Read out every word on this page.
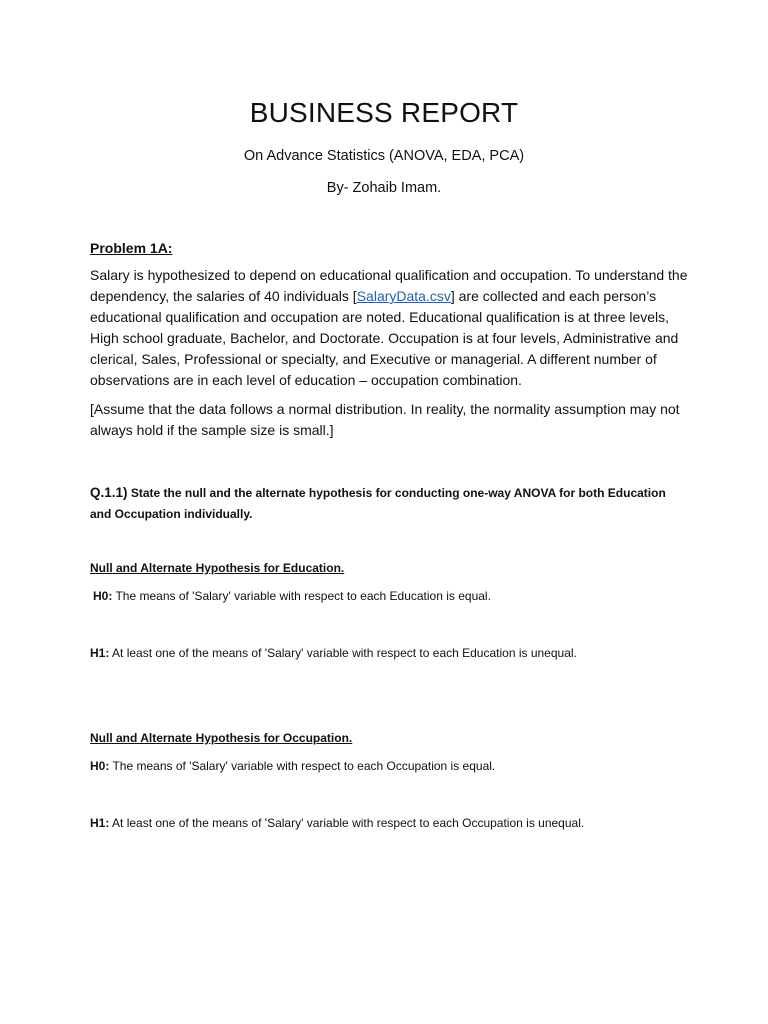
BUSINESS REPORT
On Advance Statistics (ANOVA, EDA, PCA)
By- Zohaib Imam.
Problem 1A:
Salary is hypothesized to depend on educational qualification and occupation. To understand the dependency, the salaries of 40 individuals [SalaryData.csv] are collected and each person’s educational qualification and occupation are noted. Educational qualification is at three levels, High school graduate, Bachelor, and Doctorate. Occupation is at four levels, Administrative and clerical, Sales, Professional or specialty, and Executive or managerial. A different number of observations are in each level of education – occupation combination.
[Assume that the data follows a normal distribution. In reality, the normality assumption may not always hold if the sample size is small.]
Q.1.1) State the null and the alternate hypothesis for conducting one-way ANOVA for both Education and Occupation individually.
Null and Alternate Hypothesis for Education.
H0: The means of 'Salary' variable with respect to each Education is equal.
H1: At least one of the means of 'Salary' variable with respect to each Education is unequal.
Null and Alternate Hypothesis for Occupation.
H0: The means of 'Salary' variable with respect to each Occupation is equal.
H1: At least one of the means of 'Salary' variable with respect to each Occupation is unequal.
